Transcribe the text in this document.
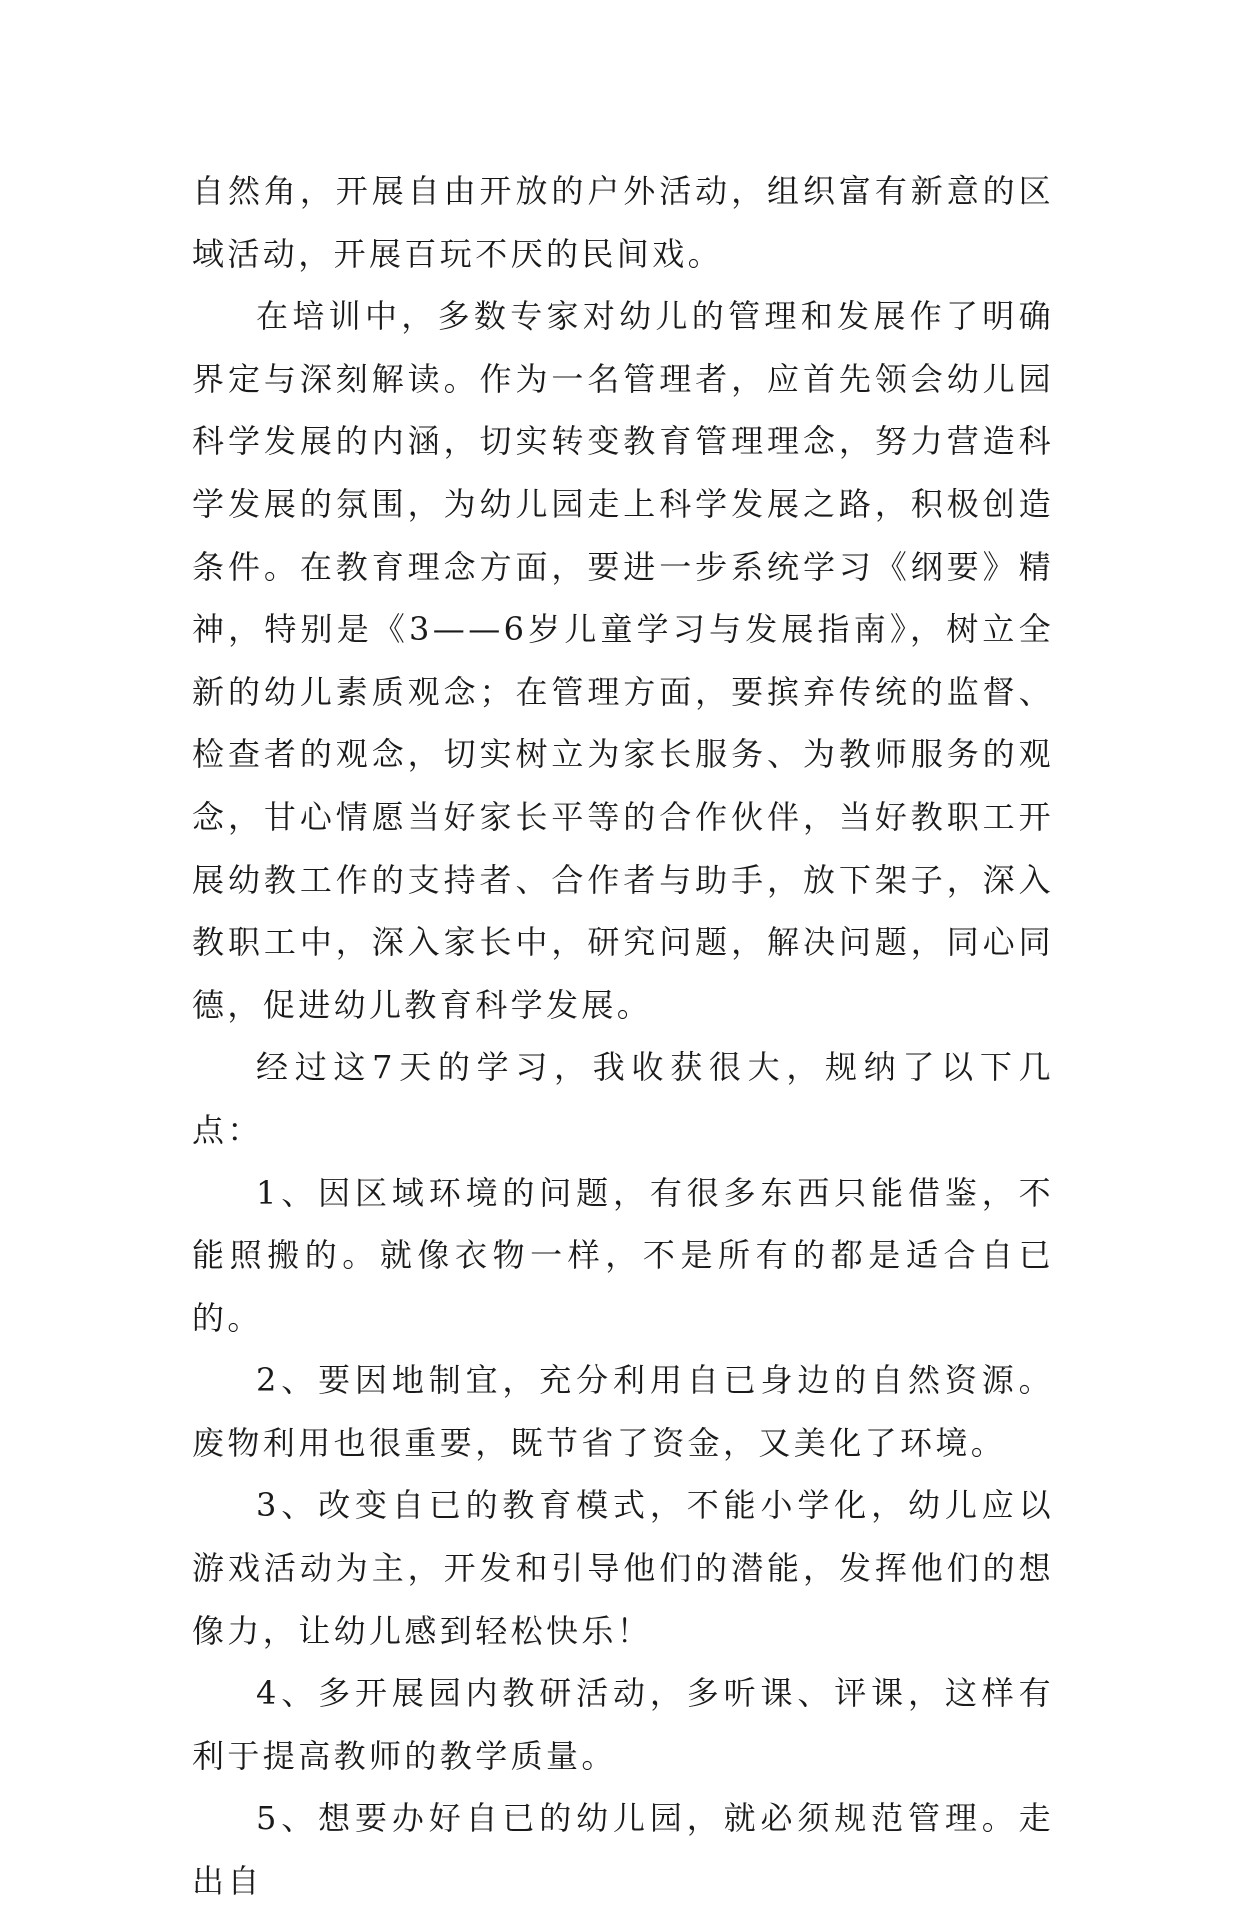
自然角，开展自由开放的户外活动，组织富有新意的区域活动，开展百玩不厌的民间戏。

在培训中，多数专家对幼儿的管理和发展作了明确界定与深刻解读。作为一名管理者，应首先领会幼儿园科学发展的内涵，切实转变教育管理理念，努力营造科学发展的氛围，为幼儿园走上科学发展之路，积极创造条件。在教育理念方面，要进一步系统学习《纲要》精神，特别是《3——6岁儿童学习与发展指南》，树立全新的幼儿素质观念；在管理方面，要摈弃传统的监督、检查者的观念，切实树立为家长服务、为教师服务的观念，甘心情愿当好家长平等的合作伙伴，当好教职工开展幼教工作的支持者、合作者与助手，放下架子，深入教职工中，深入家长中，研究问题，解决问题，同心同德，促进幼儿教育科学发展。

经过这7天的学习，我收获很大，规纳了以下几点：

1、因区域环境的问题，有很多东西只能借鉴，不能照搬的。就像衣物一样，不是所有的都是适合自已的。

2、要因地制宜，充分利用自已身边的自然资源。废物利用也很重要，既节省了资金，又美化了环境。

3、改变自已的教育模式，不能小学化，幼儿应以游戏活动为主，开发和引导他们的潜能，发挥他们的想像力，让幼儿感到轻松快乐！

4、多开展园内教研活动，多听课、评课，这样有利于提高教师的教学质量。

5、想要办好自已的幼儿园，就必须规范管理。走出自
